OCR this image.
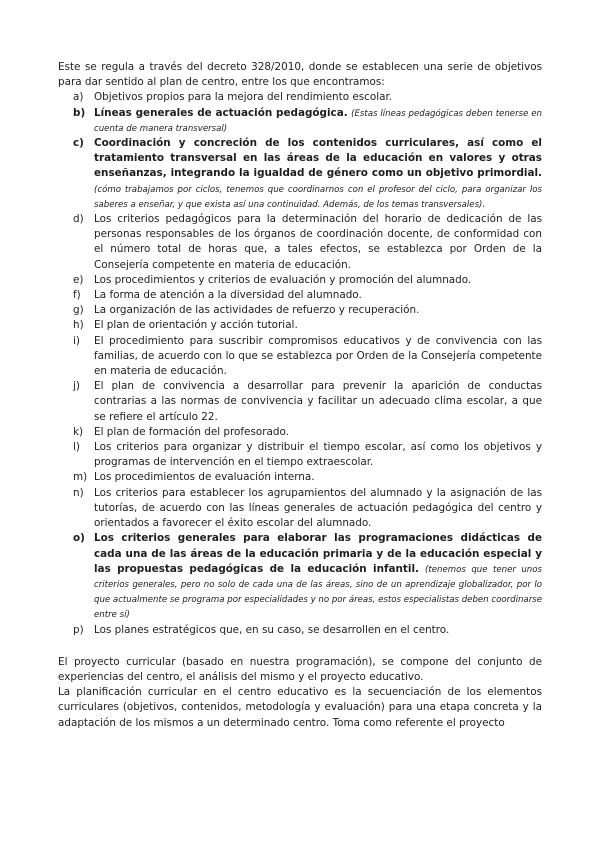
Este se regula a través del decreto 328/2010, donde se establecen una serie de objetivos para dar sentido al plan de centro, entre los que encontramos:

a) Objetivos propios para la mejora del rendimiento escolar.
b) Líneas generales de actuación pedagógica. (Estas líneas pedagógicas deben tenerse en cuenta de manera transversal)
c) Coordinación y concreción de los contenidos curriculares, así como el tratamiento transversal en las áreas de la educación en valores y otras enseñanzas, integrando la igualdad de género como un objetivo primordial. (cómo trabajamos por ciclos, tenemos que coordinarnos con el profesor del ciclo, para organizar los saberes a enseñar, y que exista así una continuidad. Además, de los temas transversales).
d) Los criterios pedagógicos para la determinación del horario de dedicación de las personas responsables de los órganos de coordinación docente, de conformidad con el número total de horas que, a tales efectos, se establezca por Orden de la Consejería competente en materia de educación.
e) Los procedimientos y criterios de evaluación y promoción del alumnado.
f) La forma de atención a la diversidad del alumnado.
g) La organización de las actividades de refuerzo y recuperación.
h) El plan de orientación y acción tutorial.
i) El procedimiento para suscribir compromisos educativos y de convivencia con las familias, de acuerdo con lo que se establezca por Orden de la Consejería competente en materia de educación.
j) El plan de convivencia a desarrollar para prevenir la aparición de conductas contrarias a las normas de convivencia y facilitar un adecuado clima escolar, a que se refiere el artículo 22.
k) El plan de formación del profesorado.
l) Los criterios para organizar y distribuir el tiempo escolar, así como los objetivos y programas de intervención en el tiempo extraescolar.
m) Los procedimientos de evaluación interna.
n) Los criterios para establecer los agrupamientos del alumnado y la asignación de las tutorías, de acuerdo con las líneas generales de actuación pedagógica del centro y orientados a favorecer el éxito escolar del alumnado.
o) Los criterios generales para elaborar las programaciones didácticas de cada una de las áreas de la educación primaria y de la educación especial y las propuestas pedagógicas de la educación infantil. (tenemos que tener unos criterios generales, pero no solo de cada una de las áreas, sino de un aprendizaje globalizador, por lo que actualmente se programa por especialidades y no por áreas, estos especialistas deben coordinarse entre sí)
p) Los planes estratégicos que, en su caso, se desarrollen en el centro.

El proyecto curricular (basado en nuestra programación), se compone del conjunto de experiencias del centro, el análisis del mismo y el proyecto educativo.

La planificación curricular en el centro educativo es la secuenciación de los elementos curriculares (objetivos, contenidos, metodología y evaluación) para una etapa concreta y la adaptación de los mismos a un determinado centro. Toma como referente el proyecto
